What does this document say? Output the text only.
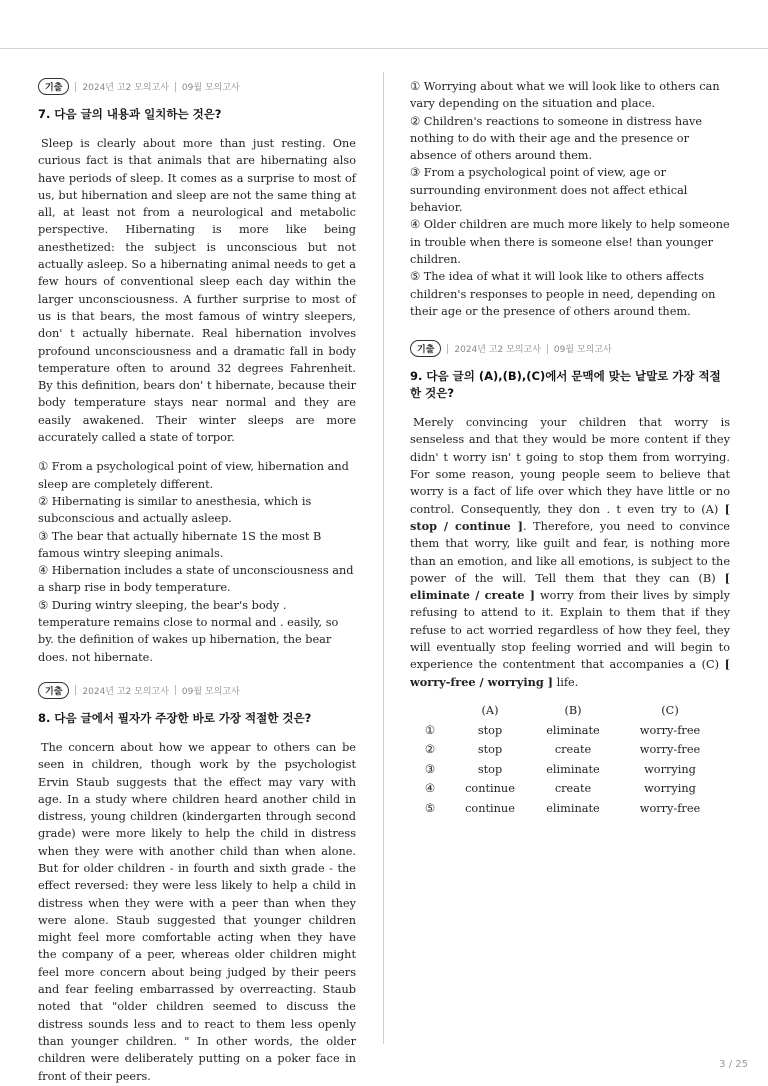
기출	2024년 고2 모의고사 09월 모의고사
7. 다음 글의 내용과 일치하는 것은?

Sleep is clearly about more than just resting. One curious fact is that animals that are hibernating also have periods of sleep. It comes as a surprise to most of us, but hibernation and sleep are not the same thing at all, at least not from a neurological and metabolic perspective. Hibernating is more like being anesthetized: the subject is unconscious but not actually asleep. So a hibernating animal needs to get a few hours of conventional sleep each day within the larger unconsciousness. A further surprise to most of us is that bears, the most famous of wintry sleepers, don' t actually hibernate. Real hibernation involves profound unconsciousness and a dramatic fall in body temperature often to around 32 degrees Fahrenheit. By this definition, bears don' t hibernate, because their body temperature stays near normal and they are easily awakened. Their winter sleeps are more accurately called a state of torpor.

① From a psychological point of view, hibernation and sleep are completely different.
② Hibernating is similar to anesthesia, which is subconscious and actually asleep.
③ The bear that actually hibernate 1S the most B famous wintry sleeping animals.
④ Hibernation includes a state of unconsciousness and a sharp rise in body temperature.
⑤ During wintry sleeping, the bear's body . temperature remains close to normal and . easily, so by. the definition of wakes up hibernation, the bear does. not hibernate.
기출	2024년 고2 모의고사 09월 모의고사
8. 다음 글에서 필자가 주장한 바로 가장 적절한 것은?

The concern about how we appear to others can be seen in children, though work by the psychologist Ervin Staub suggests that the effect may vary with age. In a study where children heard another child in distress, young children (kindergarten through second grade) were more likely to help the child in distress when they were with another child than when alone. But for older children - in fourth and sixth grade - the effect reversed: they were less likely to help a child in distress when they were with a peer than when they were alone. Staub suggested that younger children might feel more comfortable acting when they have the company of a peer, whereas older children might feel more concern about being judged by their peers and fear feeling embarrassed by overreacting. Staub noted that "older children seemed to discuss the distress sounds less and to react to them less openly than younger children. " In other words, the older children were deliberately putting on a poker face in front of their peers.

① Worrying about what we will look like to others can vary depending on the situation and place.
② Children's reactions to someone in distress have nothing to do with their age and the presence or absence of others around them.
③ From a psychological point of view, age or surrounding environment does not affect ethical behavior.
④ Older children are much more likely to help someone in trouble when there is someone else! than younger children.
⑤ The idea of what it will look like to others affects children's responses to people in need, depending on their age or the presence of others around them.
기출	2024년 고2 모의고사 09월 모의고사
9. 다음 글의 (A),(B),(C)에서 문맥에 맞는 낱말로 가장 적절한 것은?

Merely convincing your children that worry is senseless and that they would be more content if they didn' t worry isn' t going to stop them from worrying. For some reason, young people seem to believe that worry is a fact of life over which they have little or no control. Consequently, they don . t even try to (A) [ stop / continue ]. Therefore, you need to convince them that worry, like guilt and fear, is nothing more than an emotion, and like all emotions, is subject to the power of the will. Tell them that they can (B) [ eliminate / create ] worry from their lives by simply refusing to attend to it. Explain to them that if they refuse to act worried regardless of how they feel, they will eventually stop feeling worried and will begin to experience the contentment that accompanies a (C) [ worry-free / worrying ] life.

	(A)	(B)	(C)
①	stop	eliminate	worry-free
②	stop	create	worry-free
③	stop	eliminate	worrying
④	continue	create	worrying
⑤	continue	eliminate	worry-free
3 / 25
